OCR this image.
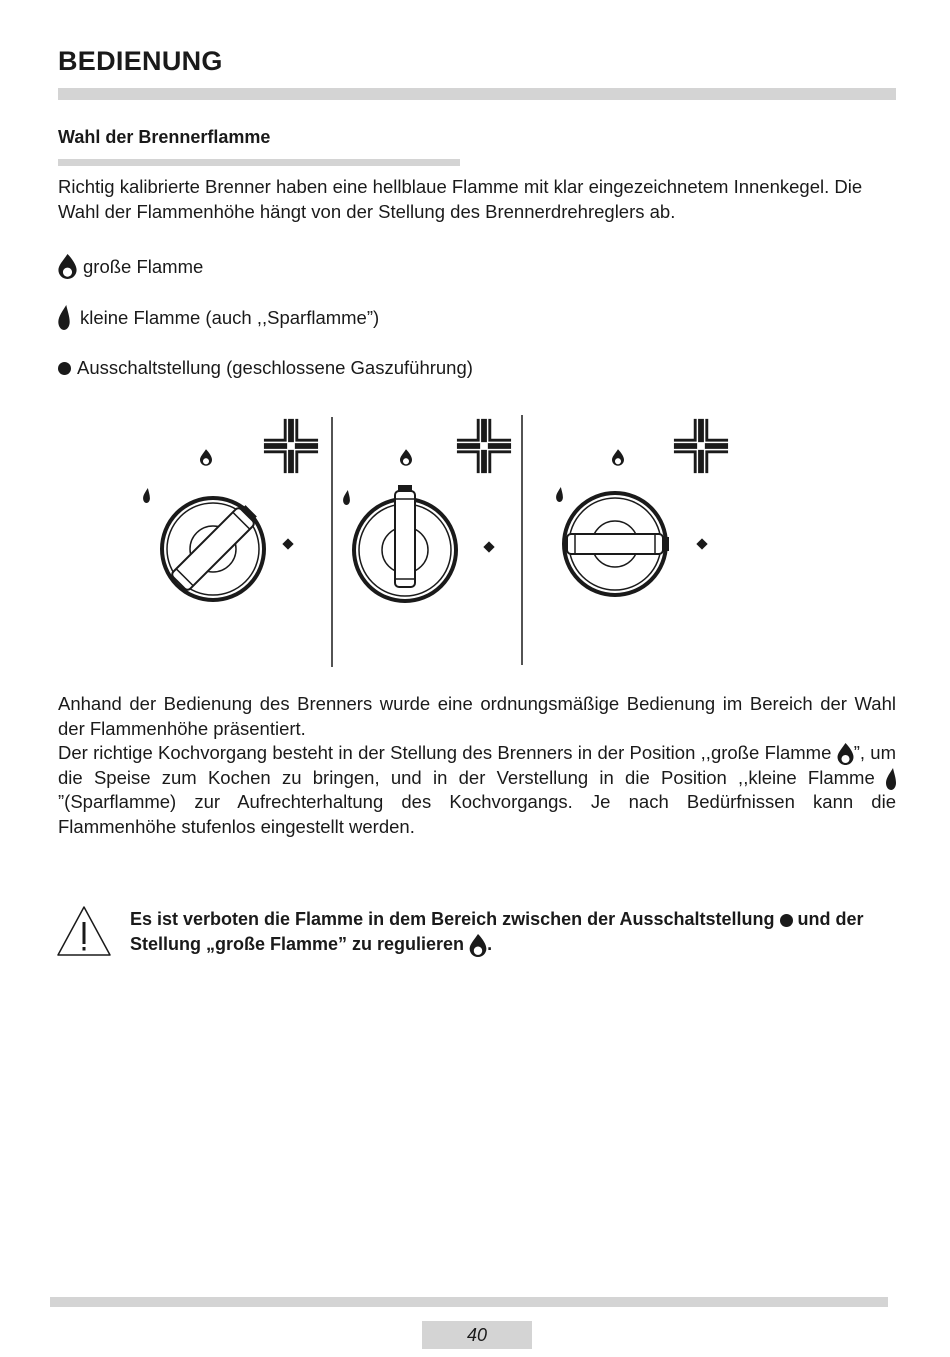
BEDIENUNG
Wahl der Brennerflamme

Richtig kalibrierte Brenner haben eine hellblaue Flamme mit klar eingezeichnetem Innenkegel. Die Wahl der Flammenhöhe hängt von der Stellung des Brennerdrehreglers ab.

große Flamme
kleine Flamme (auch ,,Sparflamme”)
Ausschaltstellung (geschlossene Gaszuführung)

Anhand der Bedienung des Brenners wurde eine ordnungsmäßige Bedienung im Bereich der Wahl der Flammenhöhe präsentiert.

Der richtige Kochvorgang besteht in der Stellung des Brenners in der Position ,,große Flamme
”, um die Speise zum Kochen zu bringen, und in der Verstellung in die Position ,,kleine Flamme
”(Sparflamme) zur Aufrechterhaltung des Kochvorgangs. Je nach Bedürfnissen kann die Flammenhöhe stufenlos eingestellt werden.

Es ist verboten die Flamme in dem Bereich zwischen der Ausschaltstellung
und der Stellung „große Flamme” zu regulieren
.

40
